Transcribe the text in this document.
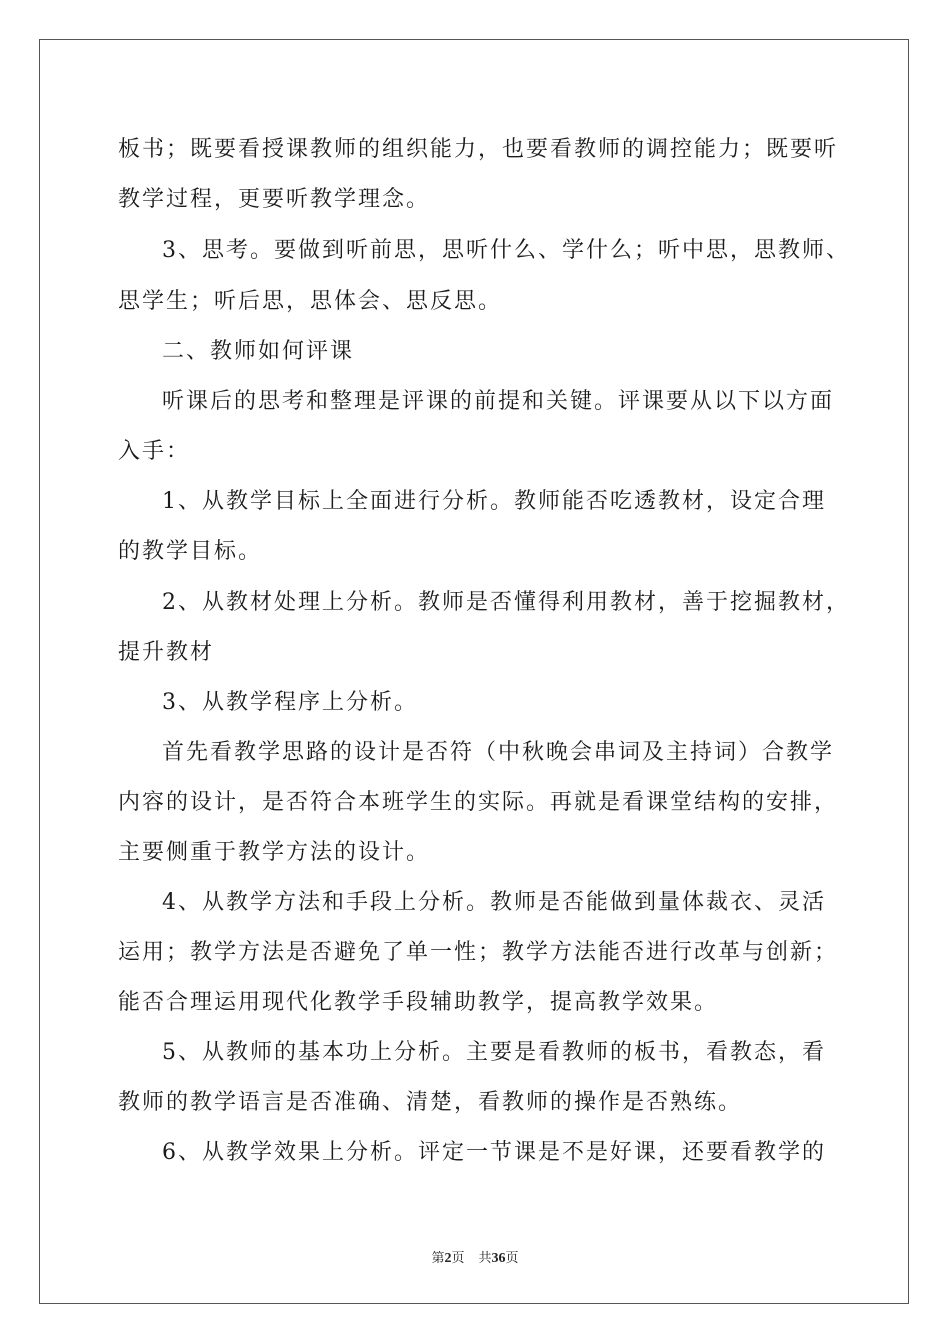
板书；既要看授课教师的组织能力，也要看教师的调控能力；既要听
教学过程，更要听教学理念。
3、思考。要做到听前思，思听什么、学什么；听中思，思教师、
思学生；听后思，思体会、思反思。
二、教师如何评课
听课后的思考和整理是评课的前提和关键。评课要从以下以方面
入手：
1、从教学目标上全面进行分析。教师能否吃透教材，设定合理
的教学目标。
2、从教材处理上分析。教师是否懂得利用教材，善于挖掘教材，
提升教材
3、从教学程序上分析。
首先看教学思路的设计是否符（中秋晚会串词及主持词）合教学
内容的设计，是否符合本班学生的实际。再就是看课堂结构的安排，
主要侧重于教学方法的设计。
4、从教学方法和手段上分析。教师是否能做到量体裁衣、灵活
运用；教学方法是否避免了单一性；教学方法能否进行改革与创新；
能否合理运用现代化教学手段辅助教学，提高教学效果。
5、从教师的基本功上分析。主要是看教师的板书，看教态，看
教师的教学语言是否准确、清楚，看教师的操作是否熟练。
6、从教学效果上分析。评定一节课是不是好课，还要看教学的
第2页 共36页
